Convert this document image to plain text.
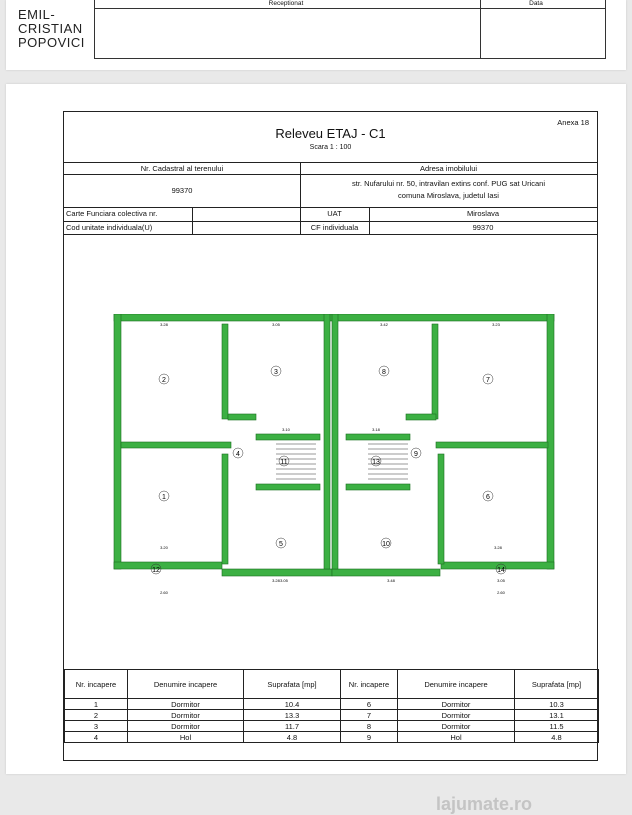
EMIL-
CRISTIAN
POPOVICI
Receptionat	Data
Anexa 18
Releveu ETAJ - C1
Scara 1 : 100
Nr. Cadastral al terenului
99370
Adresa imobilului
str. Nufarului nr. 50, intravilan extins conf. PUG sat Uricani
comuna Miroslava, judetul Iasi
Carte Funciara colectiva nr.	UAT	Miroslava
Cod unitate individuala(U)	CF individuala	99370
Nr. incapere	Denumire incapere	Suprafata [mp]	Nr. incapere	Denumire incapere	Suprafata [mp]
1	Dormitor	10.4	6	Dormitor	10.3
2	Dormitor	13.3	7	Dormitor	13.1
3	Dormitor	11.7	8	Dormitor	11.5
4	Hol	4.8	9	Hol	4.8
1
2
3
4
5
6
7
8
9
10
11
12
13
14
3.28	3.05	3.42	3.23
3.10	3.18
3.20	3.28
2.60
3.05
3.28	3.48	3.05
2.60
lajumate.ro
